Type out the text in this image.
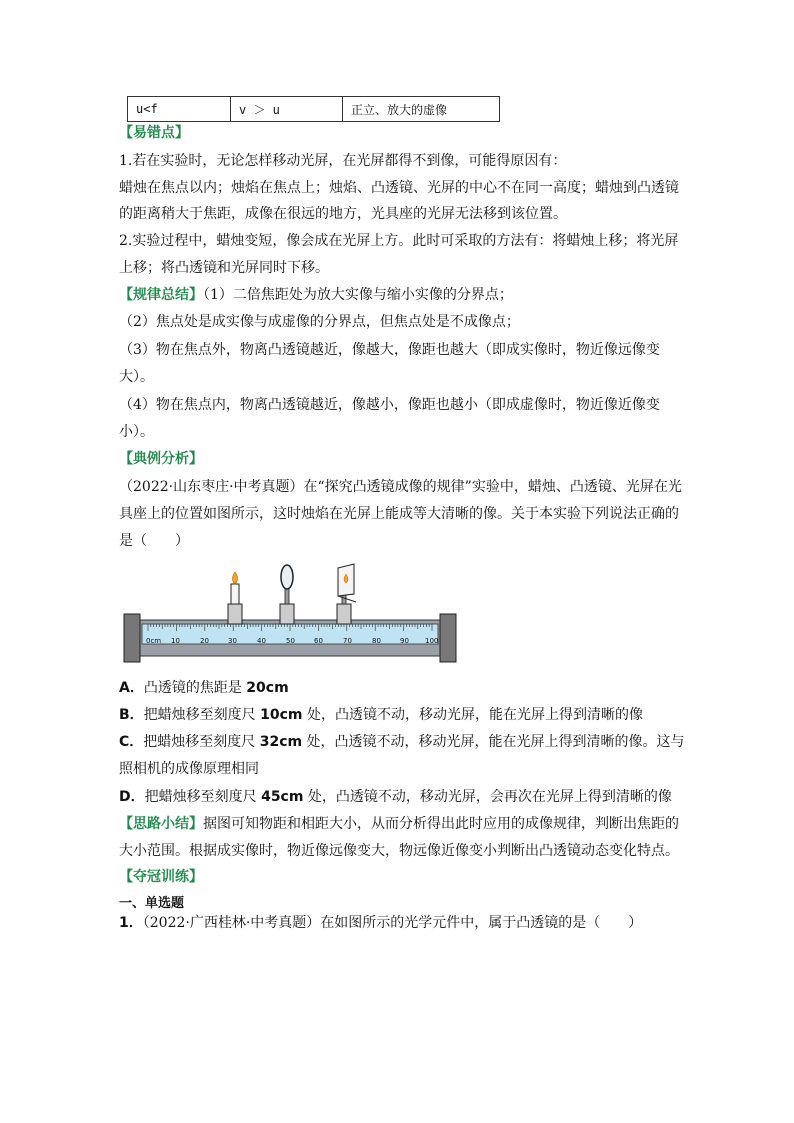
u<f	v ＞ u	正立、放大的虚像
【易错点】
1.若在实验时，无论怎样移动光屏，在光屏都得不到像，可能得原因有：
蜡烛在焦点以内；烛焰在焦点上；烛焰、凸透镜、光屏的中心不在同一高度；蜡烛到凸透镜
的距离稍大于焦距，成像在很远的地方，光具座的光屏无法移到该位置。
2.实验过程中，蜡烛变短，像会成在光屏上方。此时可采取的方法有：将蜡烛上移；将光屏
上移；将凸透镜和光屏同时下移。
【规律总结】（1）二倍焦距处为放大实像与缩小实像的分界点；
（2）焦点处是成实像与成虚像的分界点，但焦点处是不成像点；
（3）物在焦点外，物离凸透镜越近，像越大，像距也越大（即成实像时，物近像远像变
大）。
（4）物在焦点内，物离凸透镜越近，像越小，像距也越小（即成虚像时，物近像近像变
小）。
【典例分析】
（2022·山东枣庄·中考真题）在“探究凸透镜成像的规律”实验中，蜡烛、凸透镜、光屏在光
具座上的位置如图所示，这时烛焰在光屏上能成等大清晰的像。关于本实验下列说法正确的
是（　　）
0cm 10	20	30	40	50	60	70	80	90 100
A．凸透镜的焦距是 20cm
B．把蜡烛移至刻度尺 10cm 处，凸透镜不动，移动光屏，能在光屏上得到清晰的像
C．把蜡烛移至刻度尺 32cm 处，凸透镜不动，移动光屏，能在光屏上得到清晰的像。这与
照相机的成像原理相同
D．把蜡烛移至刻度尺 45cm 处，凸透镜不动，移动光屏，会再次在光屏上得到清晰的像
【思路小结】据图可知物距和相距大小，从而分析得出此时应用的成像规律，判断出焦距的
大小范围。根据成实像时，物近像远像变大，物远像近像变小判断出凸透镜动态变化特点。
【夺冠训练】
一、单选题
1．（2022·广西桂林·中考真题）在如图所示的光学元件中，属于凸透镜的是（　　）
